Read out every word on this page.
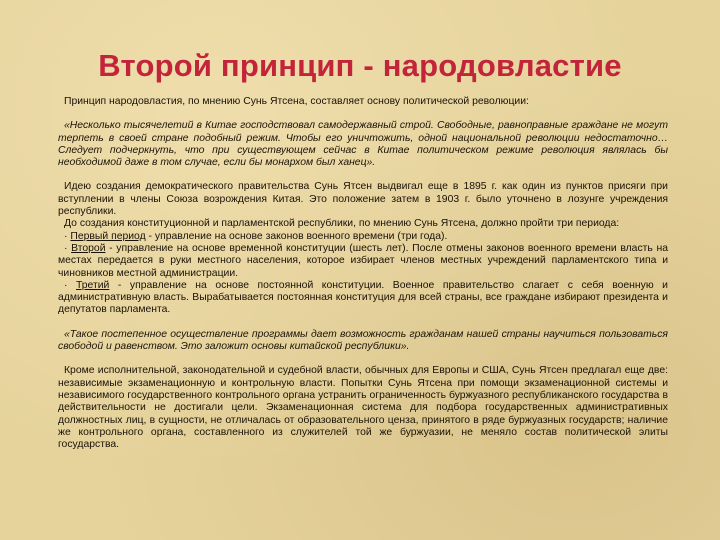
Второй принцип - народовластие

Принцип народовластия, по мнению Сунь Ятсена, составляет основу политической революции:

«Несколько тысячелетий в Китае господствовал самодержавный строй. Свободные, равноправные граждане не могут терпеть в своей стране подобный режим. Чтобы его уничтожить, одной национальной революции недостаточно…Следует подчеркнуть, что при существующем сейчас в Китае политическом режиме революция являлась бы необходимой даже в том случае, если бы монархом был ханец».

Идею создания демократического правительства Сунь Ятсен выдвигал еще в 1895 г. как один из пунктов присяги при вступлении в члены Союза возрождения Китая. Это положение затем в 1903 г. было уточнено в лозунге учреждения республики.

До создания конституционной и парламентской республики, по мнению Сунь Ятсена, должно пройти три периода:

· Первый период - управление на основе законов военного времени (три года).

· Второй - управление на основе временной конституции (шесть лет). После отмены законов военного времени власть на местах передается в руки местного населения, которое избирает членов местных учреждений парламентского типа и чиновников местной администрации.

· Третий - управление на основе постоянной конституции. Военное правительство слагает с себя военную и административную власть. Вырабатывается постоянная конституция для всей страны, все граждане избирают президента и депутатов парламента.

«Такое постепенное осуществление программы дает возможность гражданам нашей страны научиться пользоваться свободой и равенством. Это заложит основы китайской республики».

Кроме исполнительной, законодательной и судебной власти, обычных для Европы и США, Сунь Ятсен предлагал еще две: независимые экзаменационную и контрольную власти. Попытки Сунь Ятсена при помощи экзаменационной системы и независимого государственного контрольного органа устранить ограниченность буржуазного республиканского государства в действительности не достигали цели. Экзаменационная система для подбора государственных административных должностных лиц, в сущности, не отличалась от образовательного ценза, принятого в ряде буржуазных государств; наличие же контрольного органа, составленного из служителей той же буржуазии, не меняло состав политической элиты государства.
